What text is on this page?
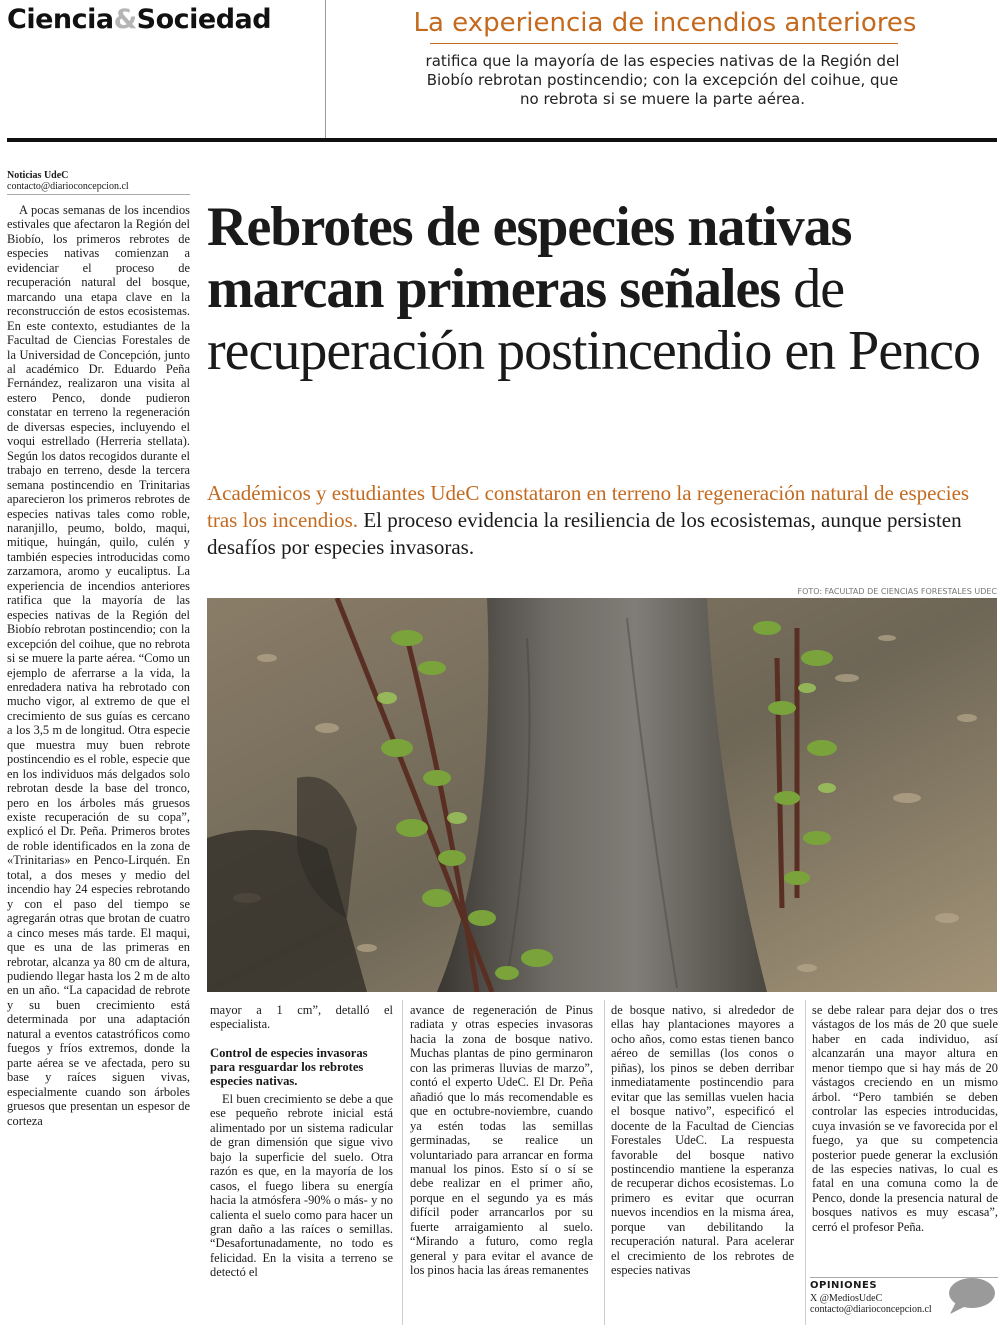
Ciencia&Sociedad	La experiencia de incendios anteriores
ratifica que la mayoría de las especies nativas de la Región del Biobío rebrotan postincendio; con la excepción del coihue, que no rebrota si se muere la parte aérea.
Noticias UdeC
contacto@diarioconcepcion.cl

A pocas semanas de los incendios estivales que afectaron la Región del Biobío, los primeros rebrotes de especies nativas comienzan a evidenciar el proceso de recuperación natural del bosque, marcando una etapa clave en la reconstrucción de estos ecosistemas. En este contexto, estudiantes de la Facultad de Ciencias Forestales de la Universidad de Concepción, junto al académico Dr. Eduardo Peña Fernández, realizaron una visita al estero Penco, donde pudieron constatar en terreno la regeneración de diversas especies, incluyendo el voqui estrellado (Herreria stellata). Según los datos recogidos durante el trabajo en terreno, desde la tercera semana postincendio en Trinitarias aparecieron los primeros rebrotes de especies nativas tales como roble, naranjillo, peumo, boldo, maqui, mitique, huingán, quilo, culén y también especies introducidas como zarzamora, aromo y eucaliptus. La experiencia de incendios anteriores ratifica que la mayoría de las especies nativas de la Región del Biobío rebrotan postincendio; con la excepción del coihue, que no rebrota si se muere la parte aérea. “Como un ejemplo de aferrarse a la vida, la enredadera nativa ha rebrotado con mucho vigor, al extremo de que el crecimiento de sus guías es cercano a los 3,5 m de longitud. Otra especie que muestra muy buen rebrote postincendio es el roble, especie que en los individuos más delgados solo rebrotan desde la base del tronco, pero en los árboles más gruesos existe recuperación de su copa”, explicó el Dr. Peña. Primeros brotes de roble identificados en la zona de «Trinitarias» en Penco-Lirquén. En total, a dos meses y medio del incendio hay 24 especies rebrotando y con el paso del tiempo se agregarán otras que brotan de cuatro a cinco meses más tarde. El maqui, que es una de las primeras en rebrotar, alcanza ya 80 cm de altura, pudiendo llegar hasta los 2 m de alto en un año. “La capacidad de rebrote y su buen crecimiento está determinada por una adaptación natural a eventos catastróficos como fuegos y fríos extremos, donde la parte aérea se ve afectada, pero su base y raíces siguen vivas, especialmente cuando son árboles gruesos que presentan un espesor de corteza

Rebrotes de especies nativas marcan primeras señales de recuperación postincendio en Penco
Académicos y estudiantes UdeC constataron en terreno la regeneración natural de especies tras los incendios. El proceso evidencia la resiliencia de los ecosistemas, aunque persisten desafíos por especies invasoras.
FOTO: FACULTAD DE CIENCIAS FORESTALES UDEC

mayor a 1 cm”, detalló el especialista.

Control de especies invasoras para resguardar los rebrotes especies nativas.

El buen crecimiento se debe a que ese pequeño rebrote inicial está alimentado por un sistema radicular de gran dimensión que sigue vivo bajo la superficie del suelo. Otra razón es que, en la mayoría de los casos, el fuego libera su energía hacia la atmósfera -90% o más- y no calienta el suelo como para hacer un gran daño a las raíces o semillas. “Desafortunadamente, no todo es felicidad. En la visita a terreno se detectó el

avance de regeneración de Pinus radiata y otras especies invasoras hacia la zona de bosque nativo. Muchas plantas de pino germinaron con las primeras lluvias de marzo”, contó el experto UdeC. El Dr. Peña añadió que lo más recomendable es que en octubre-noviembre, cuando ya estén todas las semillas germinadas, se realice un voluntariado para arrancar en forma manual los pinos. Esto sí o sí se debe realizar en el primer año, porque en el segundo ya es más difícil poder arrancarlos por su fuerte arraigamiento al suelo. “Mirando a futuro, como regla general y para evitar el avance de los pinos hacia las áreas remanentes

de bosque nativo, si alrededor de ellas hay plantaciones mayores a ocho años, como estas tienen banco aéreo de semillas (los conos o piñas), los pinos se deben derribar inmediatamente postincendio para evitar que las semillas vuelen hacia el bosque nativo”, especificó el docente de la Facultad de Ciencias Forestales UdeC. La respuesta favorable del bosque nativo postincendio mantiene la esperanza de recuperar dichos ecosistemas. Lo primero es evitar que ocurran nuevos incendios en la misma área, porque van debilitando la recuperación natural. Para acelerar el crecimiento de los rebrotes de especies nativas

se debe ralear para dejar dos o tres vástagos de los más de 20 que suele haber en cada individuo, así alcanzarán una mayor altura en menor tiempo que si hay más de 20 vástagos creciendo en un mismo árbol. “Pero también se deben controlar las especies introducidas, cuya invasión se ve favorecida por el fuego, ya que su competencia posterior puede generar la exclusión de las especies nativas, lo cual es fatal en una comuna como la de Penco, donde la presencia natural de bosques nativos es muy escasa”, cerró el profesor Peña.

OPINIONES
X @MediosUdeC
contacto@diarioconcepcion.cl
